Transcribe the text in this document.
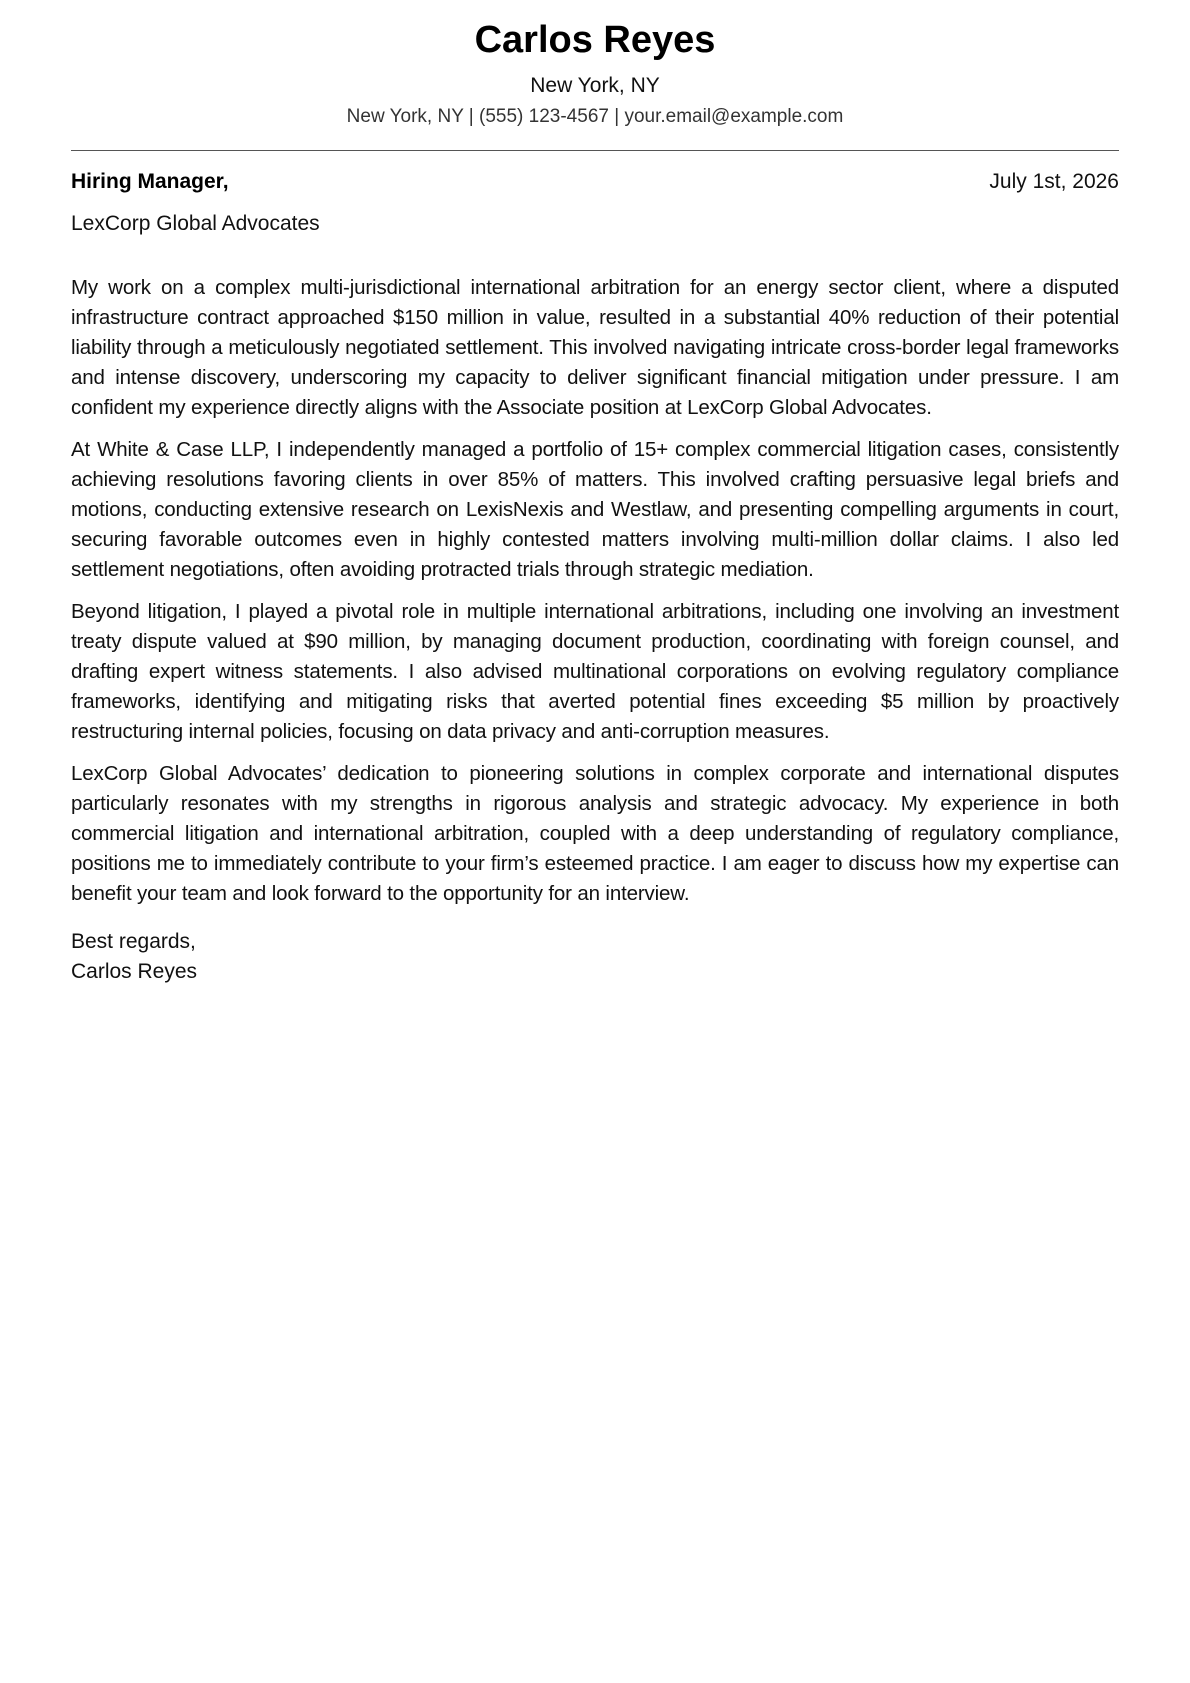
Carlos Reyes
New York, NY
New York, NY | (555) 123-4567 | your.email@example.com
Hiring Manager,	July 1st, 2026
LexCorp Global Advocates

My work on a complex multi-jurisdictional international arbitration for an energy sector client, where a disputed infrastructure contract approached $150 million in value, resulted in a substantial 40% reduction of their potential liability through a meticulously negotiated settlement. This involved navigating intricate cross-border legal frameworks and intense discovery, underscoring my capacity to deliver significant financial mitigation under pressure. I am confident my experience directly aligns with the Associate position at LexCorp Global Advocates.

At White & Case LLP, I independently managed a portfolio of 15+ complex commercial litigation cases, consistently achieving resolutions favoring clients in over 85% of matters. This involved crafting persuasive legal briefs and motions, conducting extensive research on LexisNexis and Westlaw, and presenting compelling arguments in court, securing favorable outcomes even in highly contested matters involving multi-million dollar claims. I also led settlement negotiations, often avoiding protracted trials through strategic mediation.

Beyond litigation, I played a pivotal role in multiple international arbitrations, including one involving an investment treaty dispute valued at $90 million, by managing document production, coordinating with foreign counsel, and drafting expert witness statements. I also advised multinational corporations on evolving regulatory compliance frameworks, identifying and mitigating risks that averted potential fines exceeding $5 million by proactively restructuring internal policies, focusing on data privacy and anti-corruption measures.

LexCorp Global Advocates’ dedication to pioneering solutions in complex corporate and international disputes particularly resonates with my strengths in rigorous analysis and strategic advocacy. My experience in both commercial litigation and international arbitration, coupled with a deep understanding of regulatory compliance, positions me to immediately contribute to your firm’s esteemed practice. I am eager to discuss how my expertise can benefit your team and look forward to the opportunity for an interview.

Best regards,
Carlos Reyes
